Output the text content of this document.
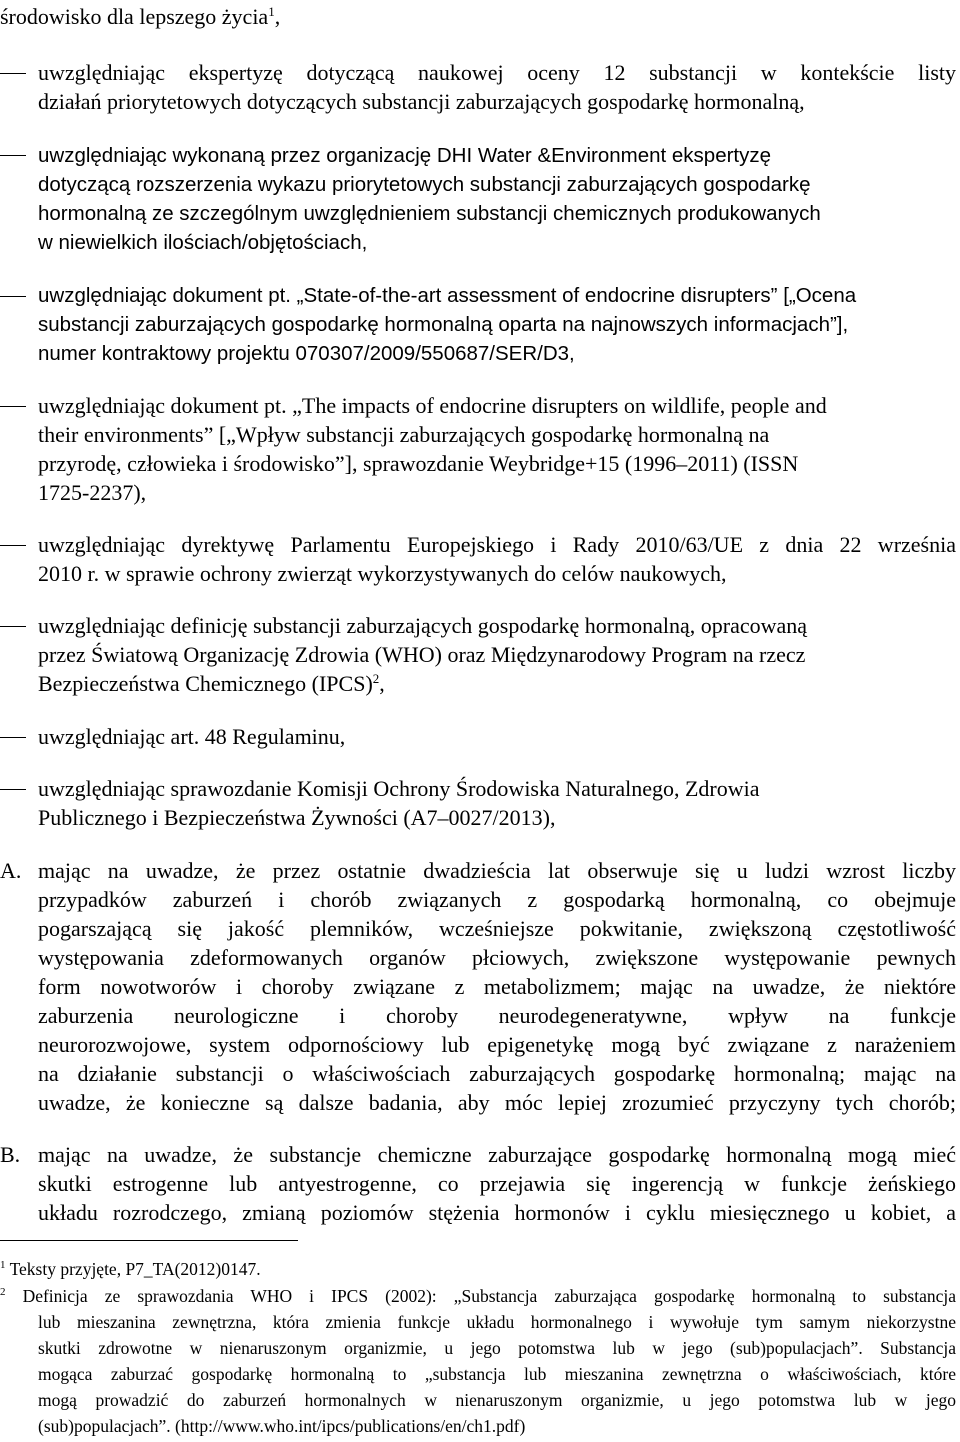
środowisko dla lepszego życia$^1$,
uwzględniając ekspertyzę dotyczącą naukowej oceny 12 substancji w kontekście listy
działań priorytetowych dotyczących substancji zaburzających gospodarkę hormonalną,
uwzględniając wykonaną przez organizację DHI Water &Environment ekspertyzę
dotyczącą rozszerzenia wykazu priorytetowych substancji zaburzających gospodarkę
hormonalną ze szczególnym uwzględnieniem substancji chemicznych produkowanych
w niewielkich ilościach/objętościach,
uwzględniając dokument pt. „State-of-the-art assessment of endocrine disrupters” [„Ocena
substancji zaburzających gospodarkę hormonalną oparta na najnowszych informacjach”],
numer kontraktowy projektu 070307/2009/550687/SER/D3,
uwzględniając dokument pt. „The impacts of endocrine disrupters on wildlife, people and
their environments” [„Wpływ substancji zaburzających gospodarkę hormonalną na
przyrodę, człowieka i środowisko”], sprawozdanie Weybridge+15 (1996–2011) (ISSN
1725-2237),
uwzględniając dyrektywę Parlamentu Europejskiego i Rady 2010/63/UE z dnia 22 września
2010 r. w sprawie ochrony zwierząt wykorzystywanych do celów naukowych,
uwzględniając definicję substancji zaburzających gospodarkę hormonalną, opracowaną
przez Światową Organizację Zdrowia (WHO) oraz Międzynarodowy Program na rzecz
Bezpieczeństwa Chemicznego (IPCS)$^2$,
uwzględniając art. 48 Regulaminu,
uwzględniając sprawozdanie Komisji Ochrony Środowiska Naturalnego, Zdrowia
Publicznego i Bezpieczeństwa Żywności (A7–0027/2013),
A. mając na uwadze, że przez ostatnie dwadzieścia lat obserwuje się u ludzi wzrost liczby
przypadków zaburzeń i chorób związanych z gospodarką hormonalną, co obejmuje
pogarszającą się jakość plemników, wcześniejsze pokwitanie, zwiększoną częstotliwość
występowania zdeformowanych organów płciowych, zwiększone występowanie pewnych
form nowotworów i choroby związane z metabolizmem; mając na uwadze, że niektóre
zaburzenia neurologiczne i choroby neurodegeneratywne, wpływ na funkcje
neurorozwojowe, system odpornościowy lub epigenetykę mogą być związane z narażeniem
na działanie substancji o właściwościach zaburzających gospodarkę hormonalną; mając na
uwadze, że konieczne są dalsze badania, aby móc lepiej zrozumieć przyczyny tych chorób;
B. mając na uwadze, że substancje chemiczne zaburzające gospodarkę hormonalną mogą mieć
skutki estrogenne lub antyestrogenne, co przejawia się ingerencją w funkcje żeńskiego
układu rozrodczego, zmianą poziomów stężenia hormonów i cyklu miesięcznego u kobiet, a
$^1$ Teksty przyjęte, P7_TA(2012)0147.
$^2$ Definicja ze sprawozdania WHO i IPCS (2002): „Substancja zaburzająca gospodarkę hormonalną to substancja
lub mieszanina zewnętrzna, która zmienia funkcje układu hormonalnego i wywołuje tym samym niekorzystne
skutki zdrowotne w nienaruszonym organizmie, u jego potomstwa lub w jego (sub)populacjach”. Substancja
mogąca zaburzać gospodarkę hormonalną to „substancja lub mieszanina zewnętrzna o właściwościach, które
mogą prowadzić do zaburzeń hormonalnych w nienaruszonym organizmie, u jego potomstwa lub w jego
(sub)populacjach”. (http://www.who.int/ipcs/publications/en/ch1.pdf)
